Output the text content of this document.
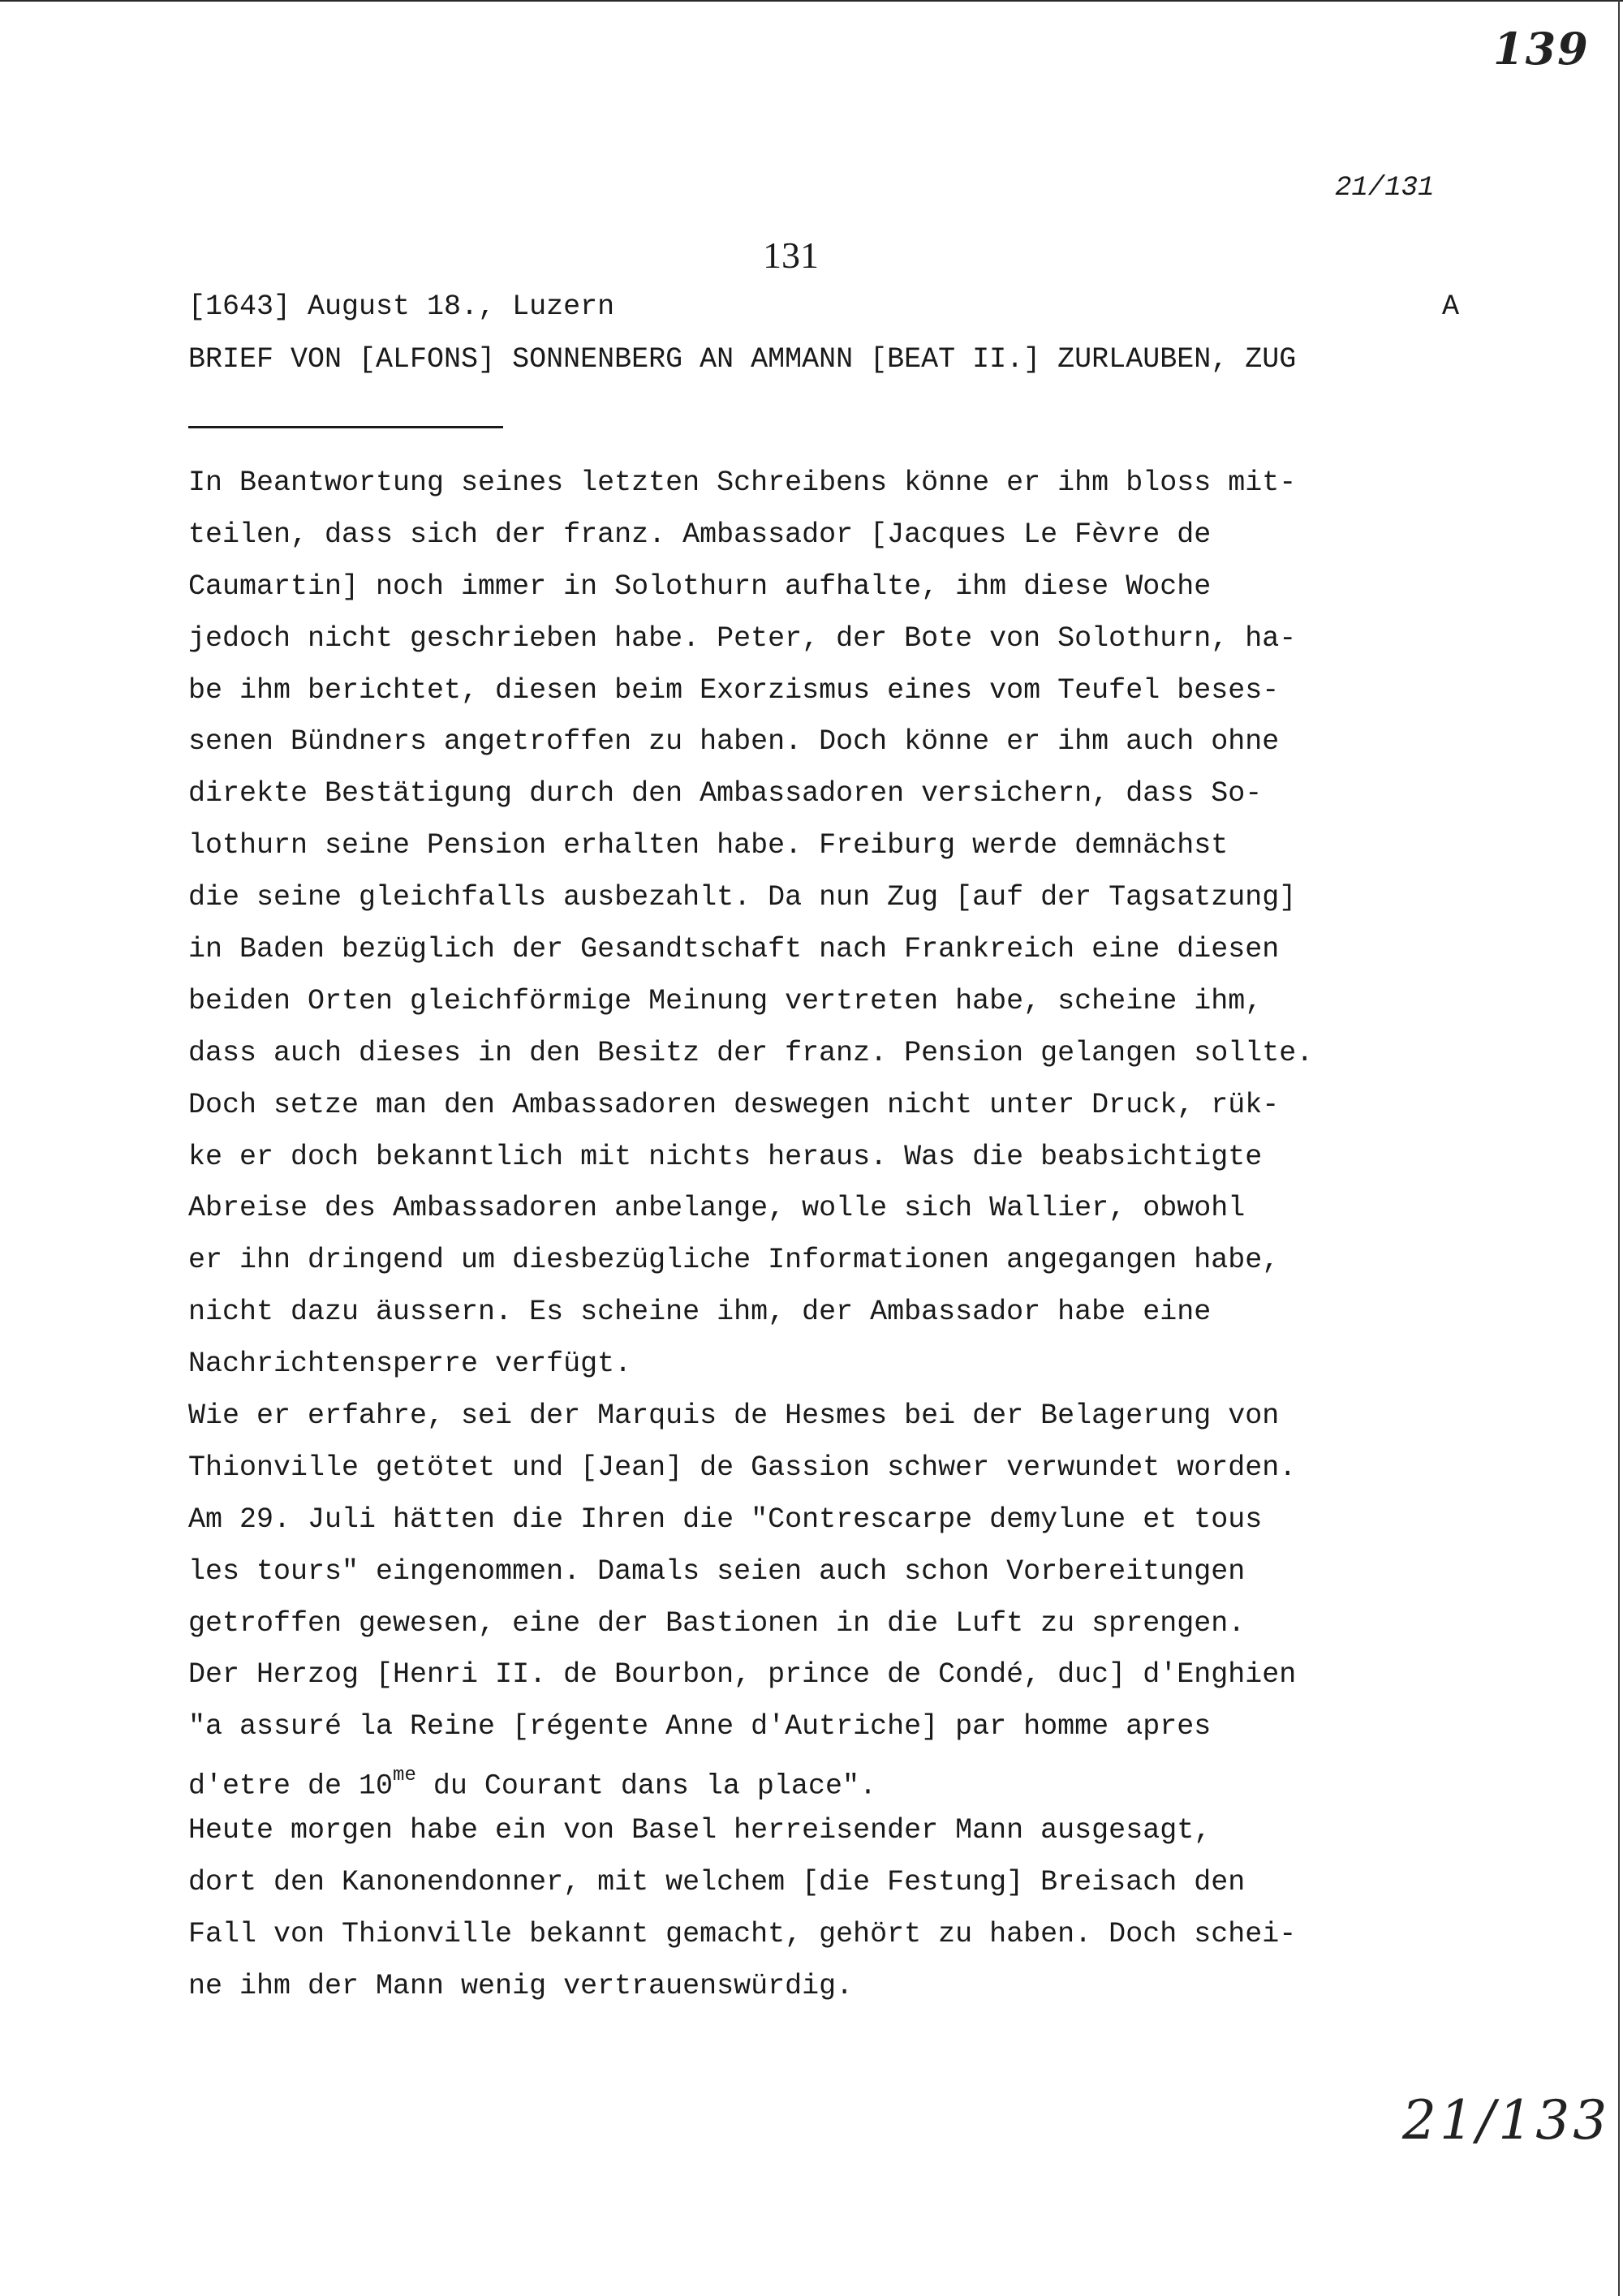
139
21/131
131
[1643] August 18., Luzern	A
BRIEF VON [ALFONS] SONNENBERG AN AMMANN [BEAT II.] ZURLAUBEN, ZUG
In Beantwortung seines letzten Schreibens könne er ihm bloss mit-
teilen, dass sich der franz. Ambassador [Jacques Le Fèvre de
Caumartin] noch immer in Solothurn aufhalte, ihm diese Woche
jedoch nicht geschrieben habe. Peter, der Bote von Solothurn, ha-
be ihm berichtet, diesen beim Exorzismus eines vom Teufel beses-
senen Bündners angetroffen zu haben. Doch könne er ihm auch ohne
direkte Bestätigung durch den Ambassadoren versichern, dass So-
lothurn seine Pension erhalten habe. Freiburg werde demnächst
die seine gleichfalls ausbezahlt. Da nun Zug [auf der Tagsatzung]
in Baden bezüglich der Gesandtschaft nach Frankreich eine diesen
beiden Orten gleichförmige Meinung vertreten habe, scheine ihm,
dass auch dieses in den Besitz der franz. Pension gelangen sollte.
Doch setze man den Ambassadoren deswegen nicht unter Druck, rük-
ke er doch bekanntlich mit nichts heraus. Was die beabsichtigte
Abreise des Ambassadoren anbelange, wolle sich Wallier, obwohl
er ihn dringend um diesbezügliche Informationen angegangen habe,
nicht dazu äussern. Es scheine ihm, der Ambassador habe eine
Nachrichtensperre verfügt.
Wie er erfahre, sei der Marquis de Hesmes bei der Belagerung von
Thionville getötet und [Jean] de Gassion schwer verwundet worden.
Am 29. Juli hätten die Ihren die "Contrescarpe demylune et tous
les tours" eingenommen. Damals seien auch schon Vorbereitungen
getroffen gewesen, eine der Bastionen in die Luft zu sprengen.
Der Herzog [Henri II. de Bourbon, prince de Condé, duc] d'Enghien
"a assuré la Reine [régente Anne d'Autriche] par homme apres
d'etre de $10^{me}$ du Courant dans la place".
Heute morgen habe ein von Basel herreisender Mann ausgesagt,
dort den Kanonendonner, mit welchem [die Festung] Breisach den
Fall von Thionville bekannt gemacht, gehört zu haben. Doch schei-
ne ihm der Mann wenig vertrauenswürdig.
21/133
